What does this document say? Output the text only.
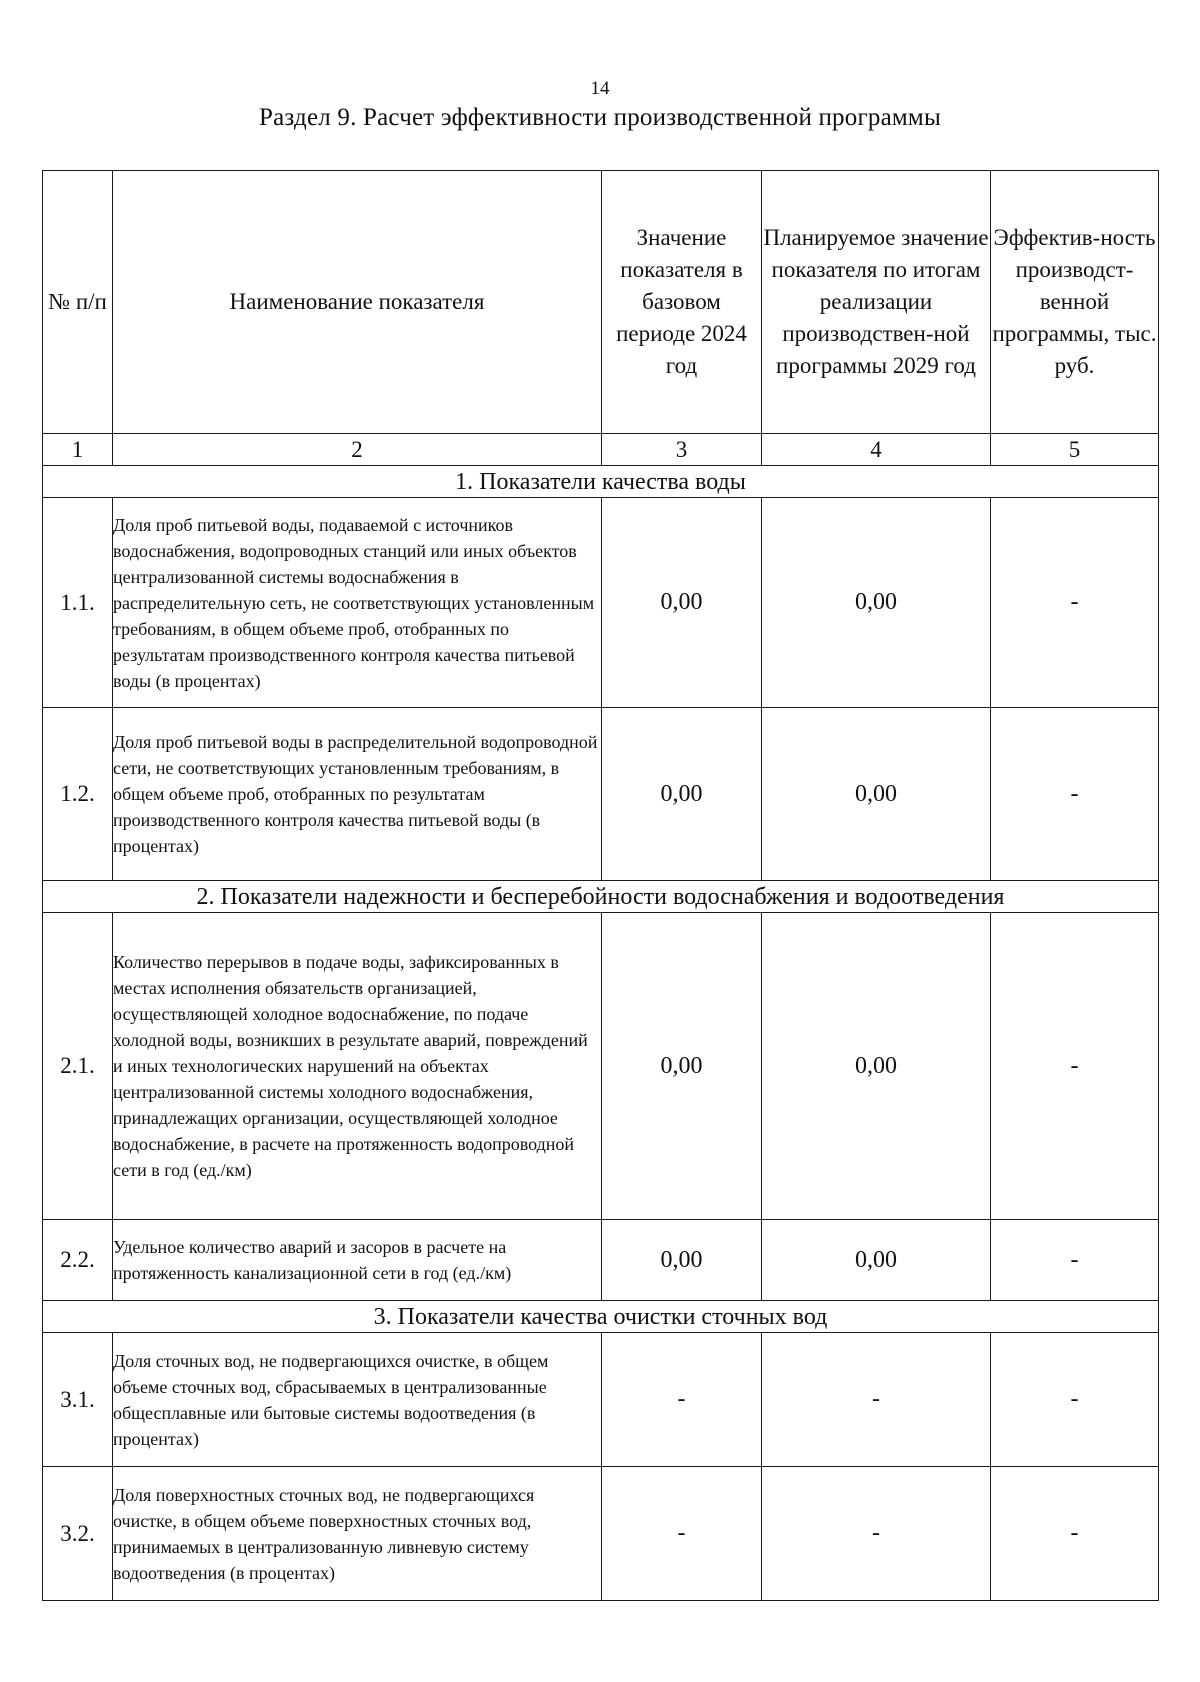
14
Раздел 9. Расчет эффективности производственной программы
№ п/п	Наименование показателя	Значение показателя в базовом периоде 2024 год	Планируемое значение показателя по итогам реализации производствен-ной программы 2029 год	Эффектив-ность производст-венной программы, тыс. руб.
1	2	3	4	5
1. Показатели качества воды				
1.1.	Доля проб питьевой воды, подаваемой с источников водоснабжения, водопроводных станций или иных объектов централизованной системы водоснабжения в распределительную сеть, не соответствующих установленным требованиям, в общем объеме проб, отобранных по результатам производственного контроля качества питьевой воды (в процентах)	0,00	0,00	-
1.2.	Доля проб питьевой воды в распределительной водопроводной сети, не соответствующих установленным требованиям, в общем объеме проб, отобранных по результатам производственного контроля качества питьевой воды (в процентах)	0,00	0,00	-
2. Показатели надежности и бесперебойности водоснабжения и водоотведения				
2.1.	Количество перерывов в подаче воды, зафиксированных в местах исполнения обязательств организацией, осуществляющей холодное водоснабжение, по подаче холодной воды, возникших в результате аварий, повреждений и иных технологических нарушений на объектах централизованной системы холодного водоснабжения, принадлежащих организации, осуществляющей холодное водоснабжение, в расчете на протяженность водопроводной сети в год (ед./км)	0,00	0,00	-
2.2.	Удельное количество аварий и засоров в расчете на протяженность канализационной сети в год (ед./км)	0,00	0,00	-
3. Показатели качества очистки сточных вод				
3.1.	Доля сточных вод, не подвергающихся очистке, в общем объеме сточных вод, сбрасываемых в централизованные общесплавные или бытовые системы водоотведения (в процентах)	-	-	-
3.2.	Доля поверхностных сточных вод, не подвергающихся очистке, в общем объеме поверхностных сточных вод, принимаемых в централизованную ливневую систему водоотведения (в процентах)	-	-	-
